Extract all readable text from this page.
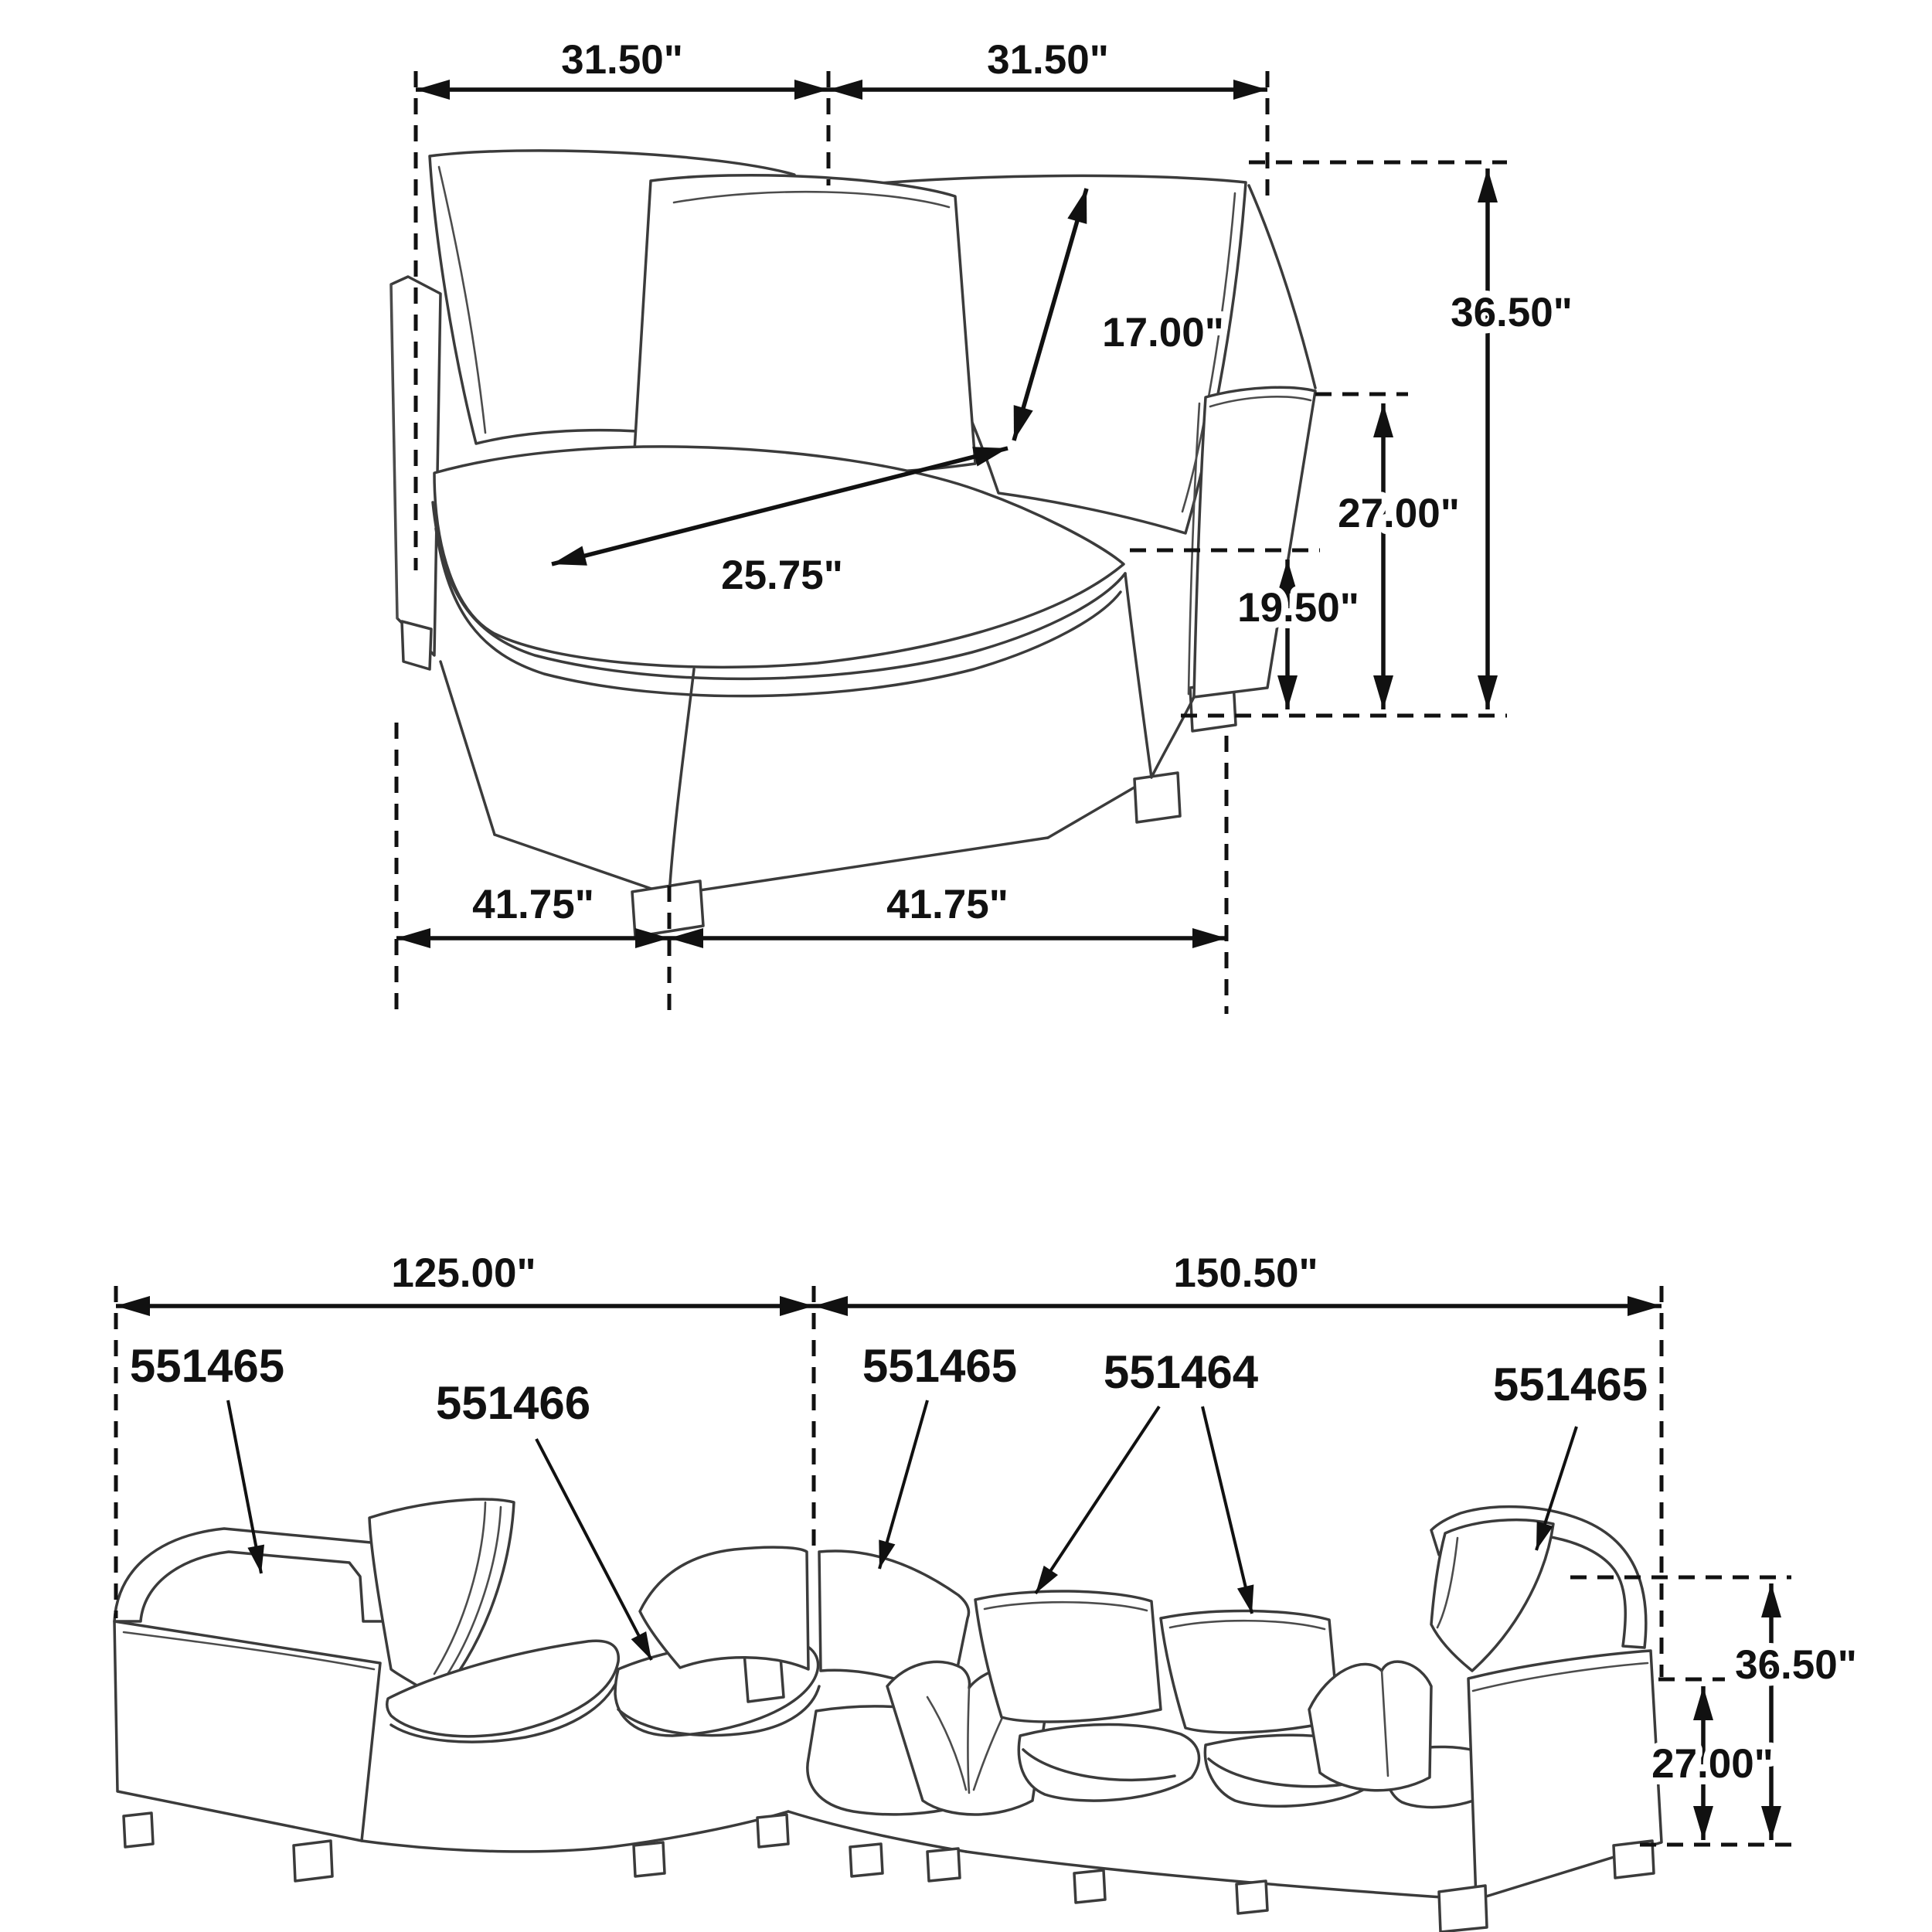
31.50"	31.50"
17.00"
25.75"
36.50"
27.00"
19.50"
41.75"	41.75"
125.00"	150.50"
551465
551466
551465 551464	551465
36.50"
27.00"
